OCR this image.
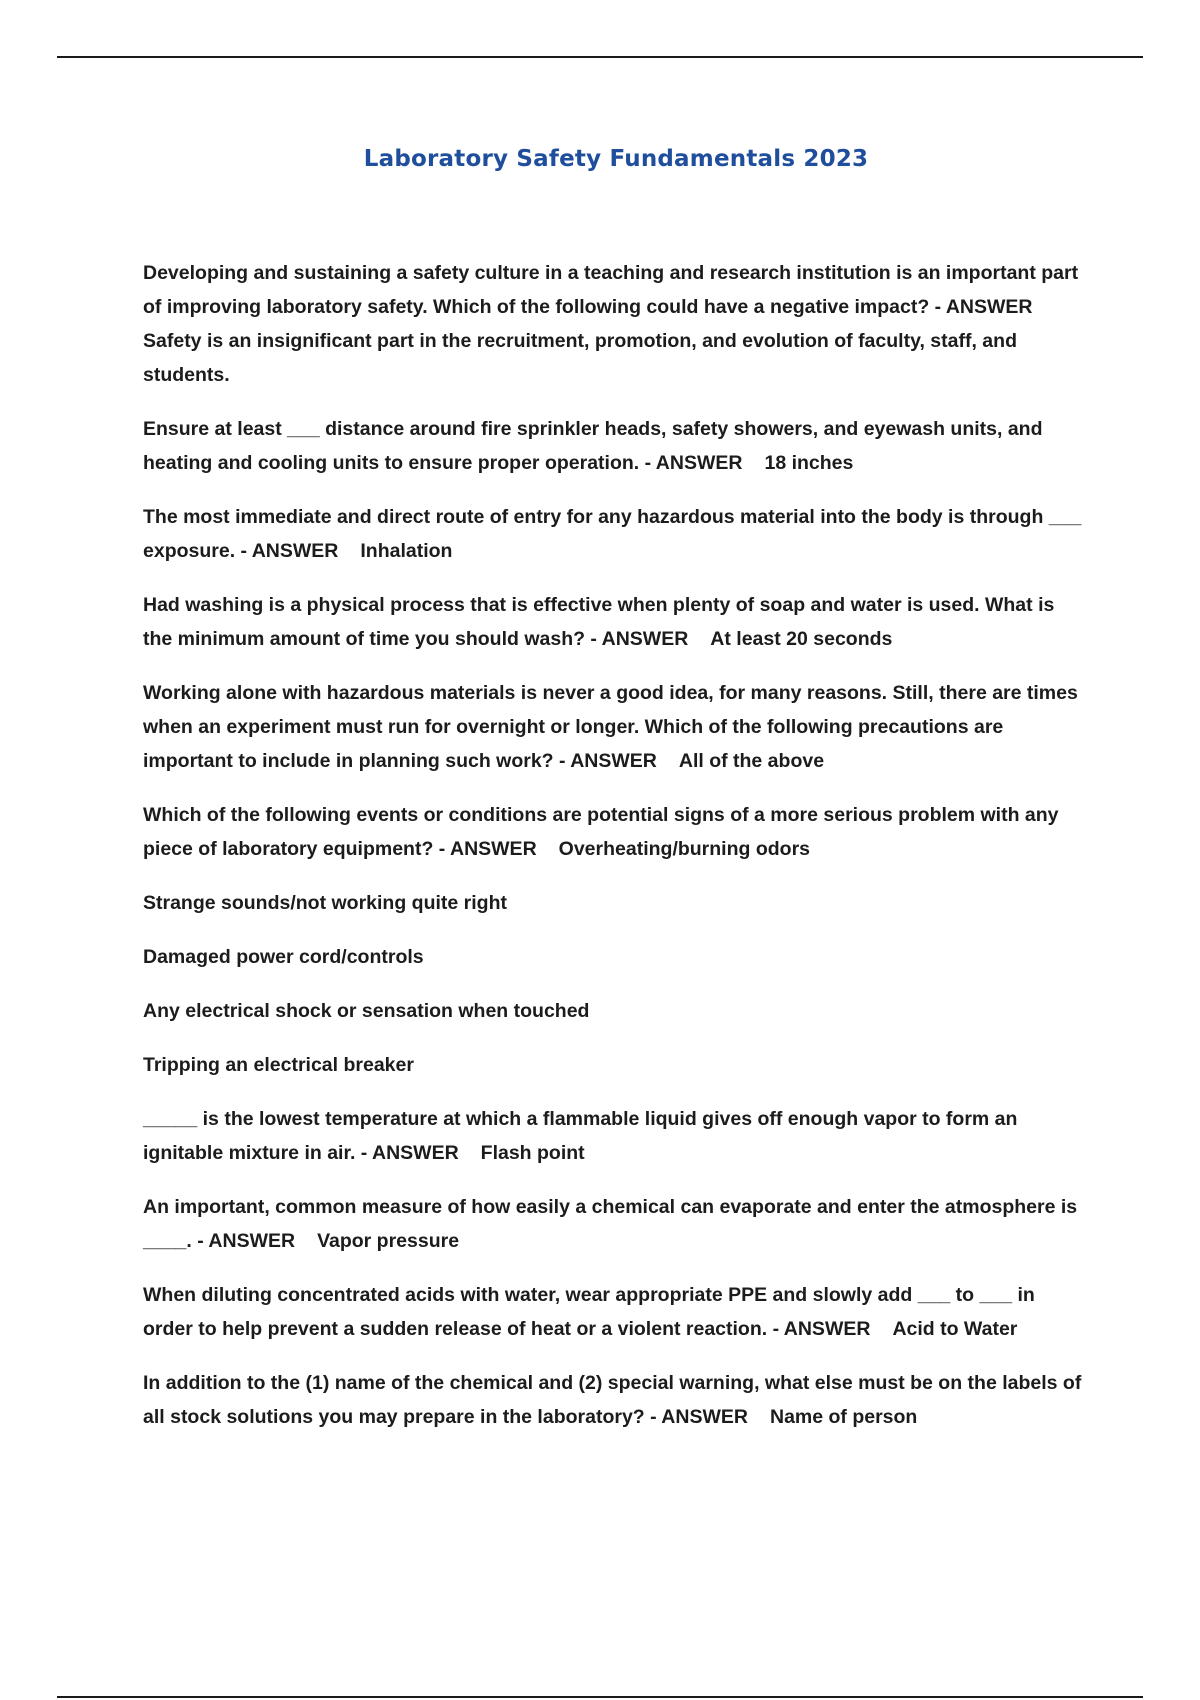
Laboratory Safety Fundamentals 2023

Developing and sustaining a safety culture in a teaching and research institution is an important part of improving laboratory safety. Which of the following could have a negative impact? - ANSWERSafety is an insignificant part in the recruitment, promotion, and evolution of faculty, staff, and students.

Ensure at least ___ distance around fire sprinkler heads, safety showers, and eyewash units, and heating and cooling units to ensure proper operation. - ANSWER 18 inches

The most immediate and direct route of entry for any hazardous material into the body is through ___ exposure. - ANSWER Inhalation

Had washing is a physical process that is effective when plenty of soap and water is used. What is the minimum amount of time you should wash? - ANSWER At least 20 seconds

Working alone with hazardous materials is never a good idea, for many reasons. Still, there are times when an experiment must run for overnight or longer. Which of the following precautions are important to include in planning such work? - ANSWER All of the above

Which of the following events or conditions are potential signs of a more serious problem with any piece of laboratory equipment? - ANSWER Overheating/burning odors

Strange sounds/not working quite right

Damaged power cord/controls

Any electrical shock or sensation when touched

Tripping an electrical breaker

_____ is the lowest temperature at which a flammable liquid gives off enough vapor to form an ignitable mixture in air. - ANSWER Flash point

An important, common measure of how easily a chemical can evaporate and enter the atmosphere is ____. - ANSWER Vapor pressure

When diluting concentrated acids with water, wear appropriate PPE and slowly add ___ to ___ in order to help prevent a sudden release of heat or a violent reaction. - ANSWER Acid to Water

In addition to the (1) name of the chemical and (2) special warning, what else must be on the labels of all stock solutions you may prepare in the laboratory? - ANSWER Name of person
